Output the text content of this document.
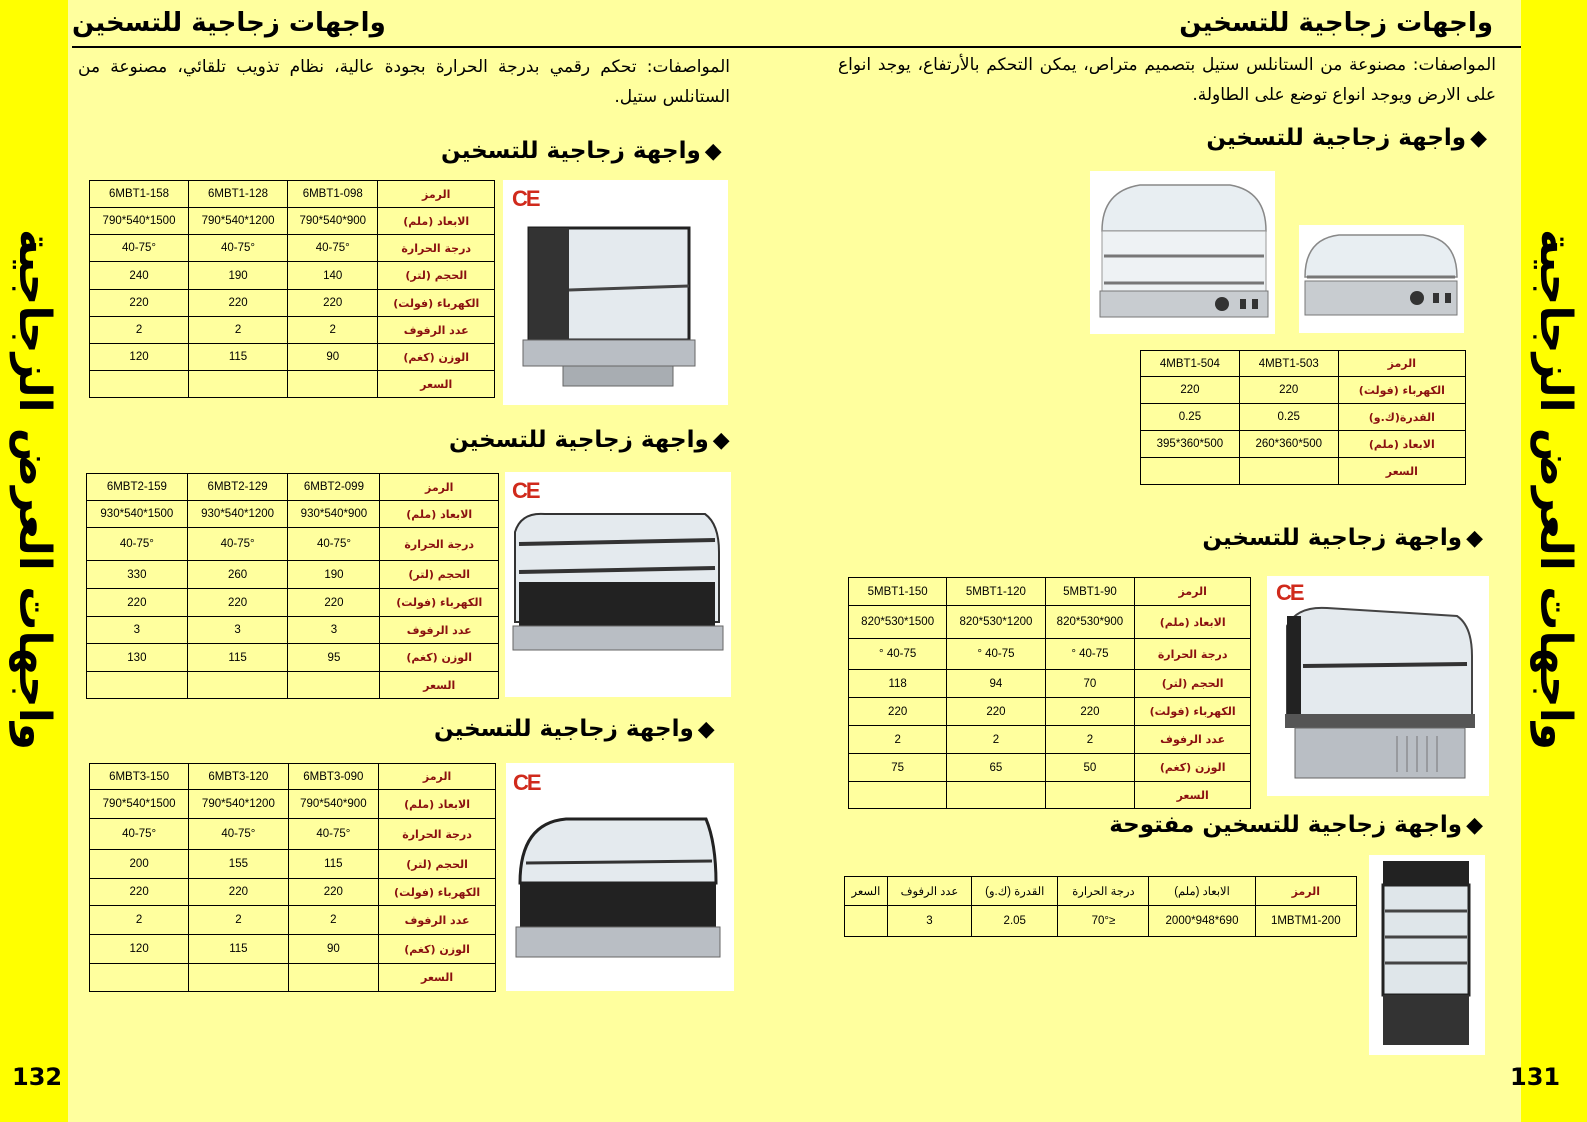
واجهات العرض الزجاجية
واجهات العرض الزجاجية
131
132
واجهات زجاجية للتسخين
واجهات زجاجية للتسخين
المواصفات: مصنوعة من الستانلس ستيل بتصميم متراص، يمكن التحكم بالأرتفاع، يوجد انواع على الارض ويوجد انواع توضع على الطاولة.
المواصفات: تحكم رقمي بدرجة الحرارة بجودة عالية، نظام تذويب تلقائي، مصنوعة من الستانلس ستيل.
◆واجهة زجاجية للتسخين
الرمز	4MBT1-503	4MBT1-504
الكهرباء (فولت)	220	220
القدرة(ك.و)	0.25	0.25
الابعاد (ملم)	500*360*260	500*360*395
السعر		
◆واجهة زجاجية للتسخين
الرمز	5MBT1-90	5MBT1-120	5MBT1-150
الابعاد (ملم)	900*530*820	1200*530*820	1500*530*820
درجة الحرارة	40-75 °	40-75 °	40-75 °
الحجم (لتر)	70	94	118
الكهرباء (فولت)	220	220	220
عدد الرفوف	2	2	2
الوزن (كغم)	50	65	75
السعر			
CE
◆واجهة زجاجية للتسخين مفتوحة
الرمز	الابعاد (ملم)	درجة الحرارة	القدرة (ك.و)	عدد الرفوف	السعر
1MBTM1-200	690*948*2000	≤70°	2.05	3	
◆واجهة زجاجية للتسخين
الرمز	6MBT1-098	6MBT1-128	6MBT1-158
الابعاد (ملم)	900*540*790	1200*540*790	1500*540*790
درجة الحرارة	40-75°	40-75°	40-75°
الحجم (لتر)	140	190	240
الكهرباء (فولت)	220	220	220
عدد الرفوف	2	2	2
الوزن (كغم)	90	115	120
السعر			
CE
◆واجهة زجاجية للتسخين
الرمز	6MBT2-099	6MBT2-129	6MBT2-159
الابعاد (ملم)	900*540*930	1200*540*930	1500*540*930
درجة الحرارة	40-75°	40-75°	40-75°
الحجم (لتر)	190	260	330
الكهرباء (فولت)	220	220	220
عدد الرفوف	3	3	3
الوزن (كغم)	95	115	130
السعر			
CE
◆واجهة زجاجية للتسخين
الرمز	6MBT3-090	6MBT3-120	6MBT3-150
الابعاد (ملم)	900*540*790	1200*540*790	1500*540*790
درجة الحرارة	40-75°	40-75°	40-75°
الحجم (لتر)	115	155	200
الكهرباء (فولت)	220	220	220
عدد الرفوف	2	2	2
الوزن (كغم)	90	115	120
السعر			
CE
